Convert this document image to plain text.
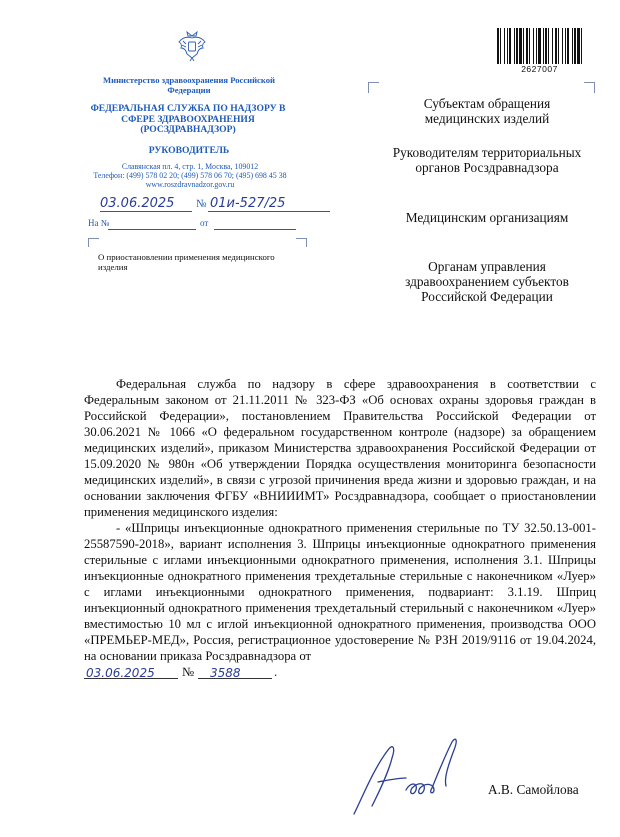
Министерство здравоохранения Российской Федерации
ФЕДЕРАЛЬНАЯ СЛУЖБА ПО НАДЗОРУ В СФЕРЕ ЗДРАВООХРАНЕНИЯ (РОСЗДРАВНАДЗОР)
РУКОВОДИТЕЛЬ
Славянская пл. 4, стр. 1, Москва, 109012
Телефон: (499) 578 02 20; (499) 578 06 70; (495) 698 45 38
www.roszdravnadzor.gov.ru
03.06.2025 № 01и-527/25
На №	от
О приостановлении применения медицинского изделия
2627007
Субъектам обращения медицинских изделий
Руководителям территориальных органов Росздравнадзора
Медицинским организациям
Органам управления здравоохранением субъектов Российской Федерации

Федеральная служба по надзору в сфере здравоохранения в соответствии с Федеральным законом от 21.11.2011 № 323-ФЗ «Об основах охраны здоровья граждан в Российской Федерации», постановлением Правительства Российской Федерации от 30.06.2021 № 1066 «О федеральном государственном контроле (надзоре) за обращением медицинских изделий», приказом Министерства здравоохранения Российской Федерации от 15.09.2020 № 980н «Об утверждении Порядка осуществления мониторинга безопасности медицинских изделий», в связи с угрозой причинения вреда жизни и здоровью граждан, и на основании заключения ФГБУ «ВНИИИМТ» Росздравнадзора, сообщает о приостановлении применения медицинского изделия:

- «Шприцы инъекционные однократного применения стерильные по ТУ 32.50.13-001-25587590-2018», вариант исполнения 3. Шприцы инъекционные однократного применения стерильные с иглами инъекционными однократного применения, исполнения 3.1. Шприцы инъекционные однократного применения трехдетальные стерильные с наконечником «Луер» с иглами инъекционными однократного применения, подвариант: 3.1.19. Шприц инъекционный однократного применения трехдетальный стерильный с наконечником «Луер» вместимостью 10 мл с иглой инъекционной однократного применения, производства ООО «ПРЕМЬЕР-МЕД», Россия, регистрационное удостоверение № РЗН 2019/9116 от 19.04.2024, на основании приказа Росздравнадзора от

03.06.2025 № 3588	.
А.В. Самойлова
